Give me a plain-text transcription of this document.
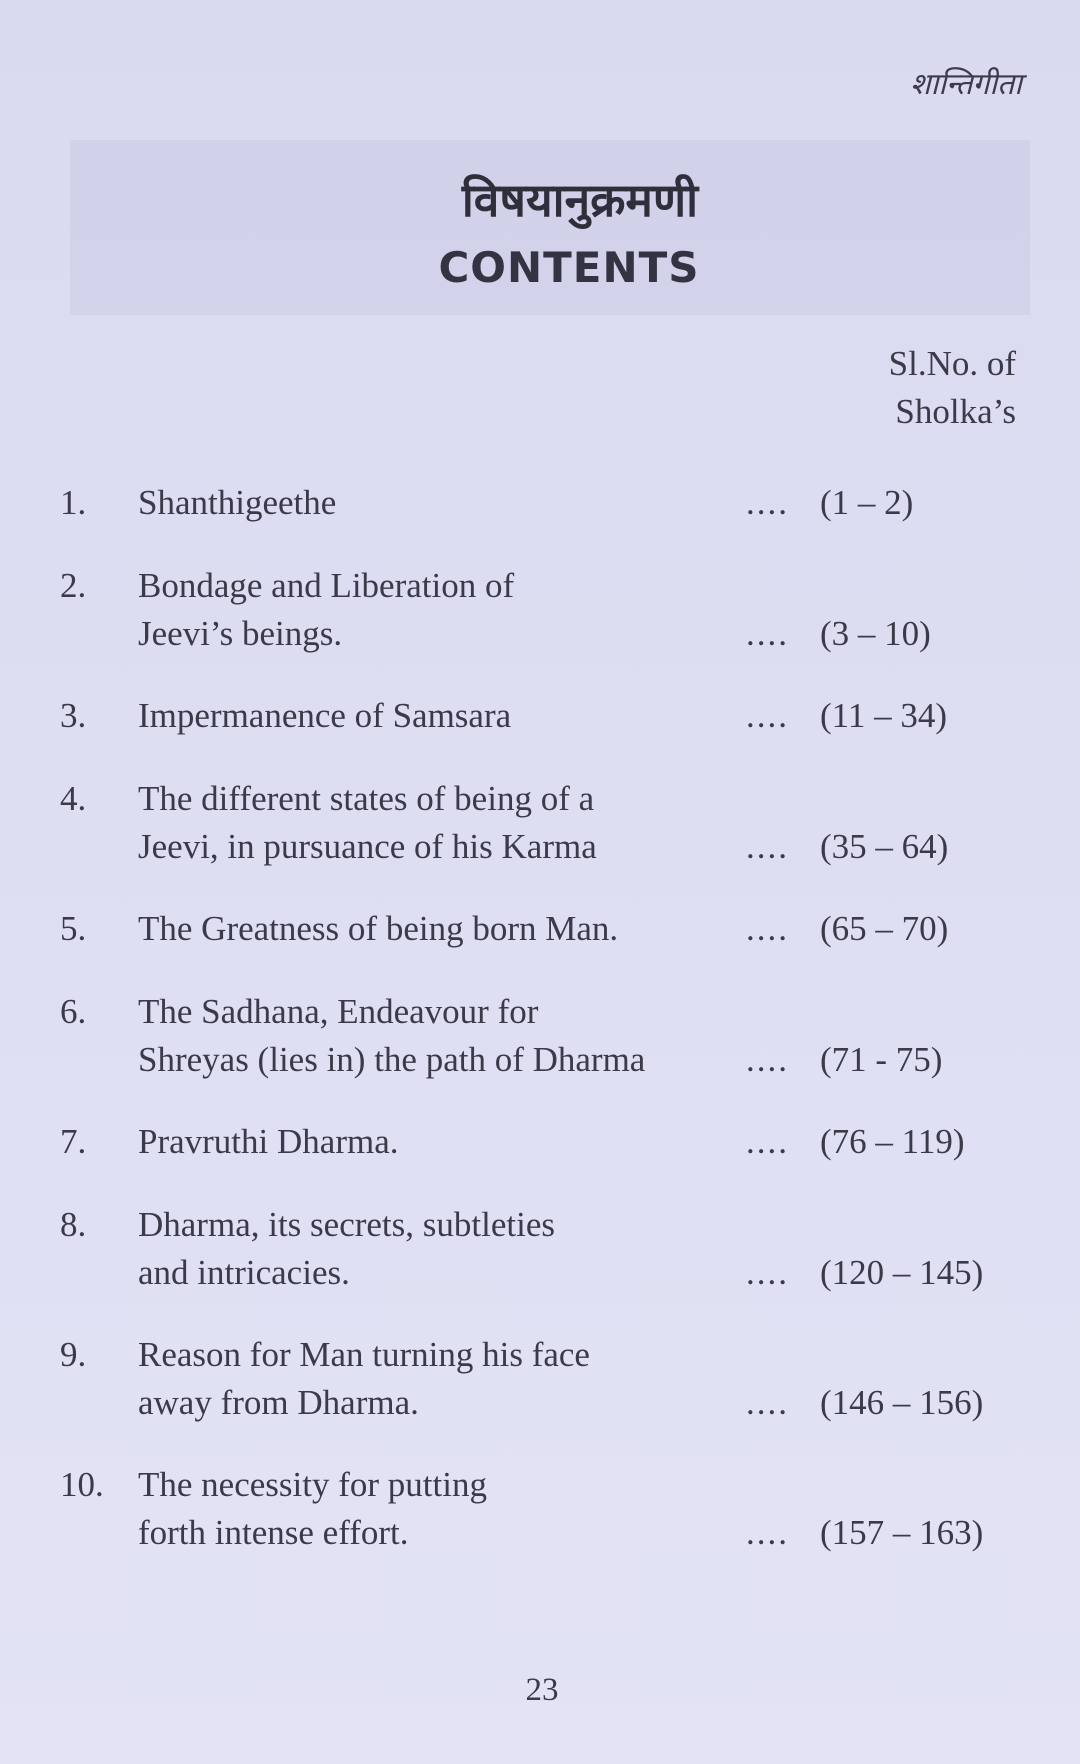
शान्तिगीता
विषयानुक्रमणी
CONTENTS
Sl.No. of
Sholka’s
1. Shanthigeethe	.... (1 – 2)
2. Bondage and Liberation of
Jeevi’s beings.	.... (3 – 10)
3. Impermanence of Samsara	.... (11 – 34)
4. The different states of being of a
Jeevi, in pursuance of his Karma	.... (35 – 64)
5. The Greatness of being born Man.	.... (65 – 70)
6. The Sadhana, Endeavour for
Shreyas (lies in) the path of Dharma	.... (71 - 75)
7. Pravruthi Dharma.	.... (76 – 119)
8. Dharma, its secrets, subtleties
and intricacies.	.... (120 – 145)
9. Reason for Man turning his face
away from Dharma.	.... (146 – 156)
10. The necessity for putting
forth intense effort.	.... (157 – 163)
23
